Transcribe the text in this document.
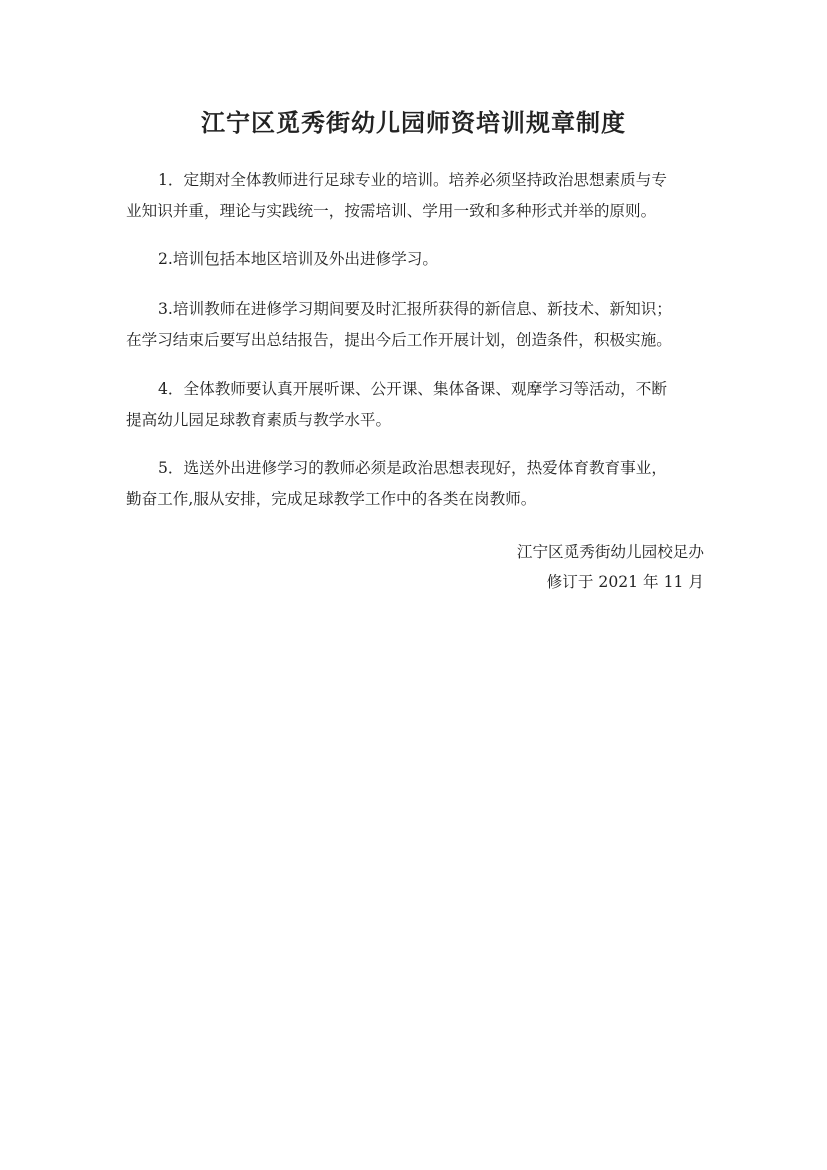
江宁区觅秀街幼儿园师资培训规章制度
1．定期对全体教师进行足球专业的培训。培养必须坚持政治思想素质与专
业知识并重，理论与实践统一，按需培训、学用一致和多种形式并举的原则。
2.培训包括本地区培训及外出进修学习。
3.培训教师在进修学习期间要及时汇报所获得的新信息、新技术、新知识；
在学习结束后要写出总结报告，提出今后工作开展计划，创造条件，积极实施。
4．全体教师要认真开展听课、公开课、集体备课、观摩学习等活动，不断
提高幼儿园足球教育素质与教学水平。
5．选送外出进修学习的教师必须是政治思想表现好，热爱体育教育事业，
勤奋工作,服从安排，完成足球教学工作中的各类在岗教师。
江宁区觅秀街幼儿园校足办
修订于 2021 年 11 月
